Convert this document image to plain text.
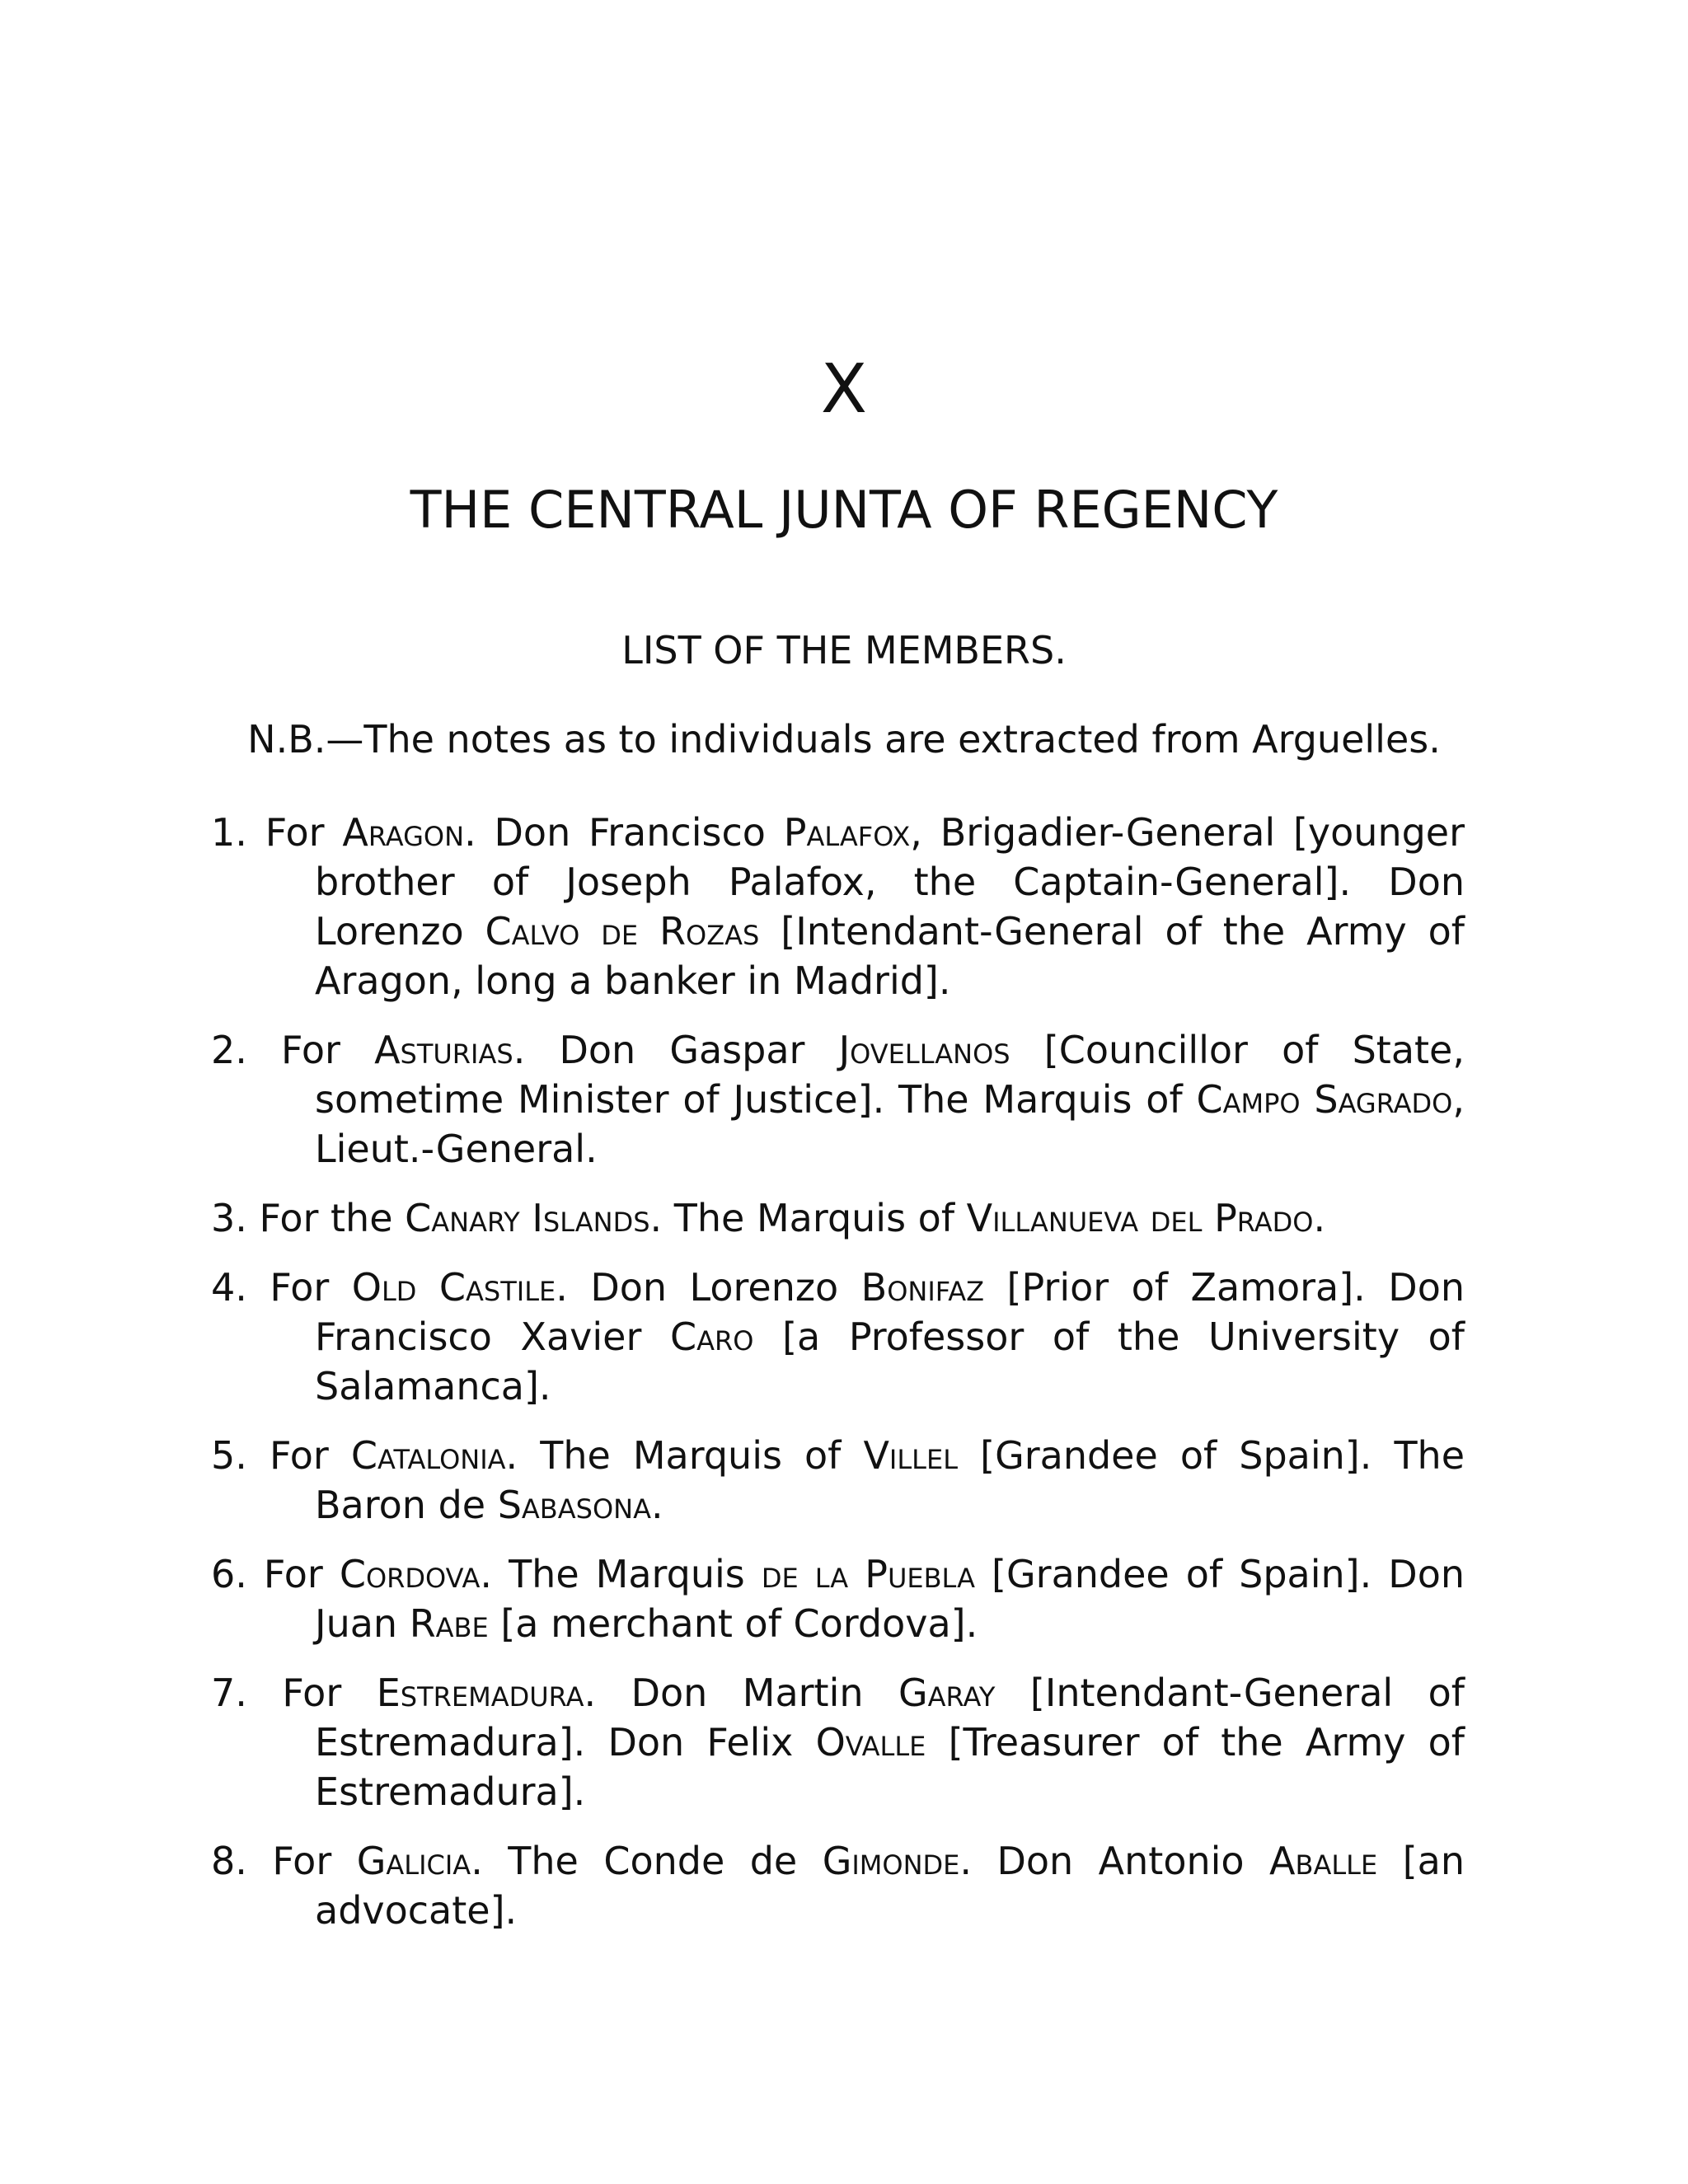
X
THE CENTRAL JUNTA OF REGENCY

LIST OF THE MEMBERS.

N.B.—The notes as to individuals are extracted from Arguelles.

1. For Aragon. Don Francisco Palafox, Brigadier-General [younger brother of Joseph Palafox, the Captain-General]. Don Lorenzo Calvo de Rozas [Intendant-General of the Army of Aragon, long a banker in Madrid].

2. For Asturias. Don Gaspar Jovellanos [Councillor of State, sometime Minister of Justice]. The Marquis of Campo Sagrado, Lieut.-General.

3. For the Canary Islands. The Marquis of Villanueva del Prado.

4. For Old Castile. Don Lorenzo Bonifaz [Prior of Zamora]. Don Francisco Xavier Caro [a Professor of the University of Salamanca].

5. For Catalonia. The Marquis of Villel [Grandee of Spain]. The Baron de Sabasona.

6. For Cordova. The Marquis de la Puebla [Grandee of Spain]. Don Juan Rabe [a merchant of Cordova].

7. For Estremadura. Don Martin Garay [Intendant-General of Estremadura]. Don Felix Ovalle [Treasurer of the Army of Estremadura].

8. For Galicia. The Conde de Gimonde. Don Antonio Aballe [an advocate].
